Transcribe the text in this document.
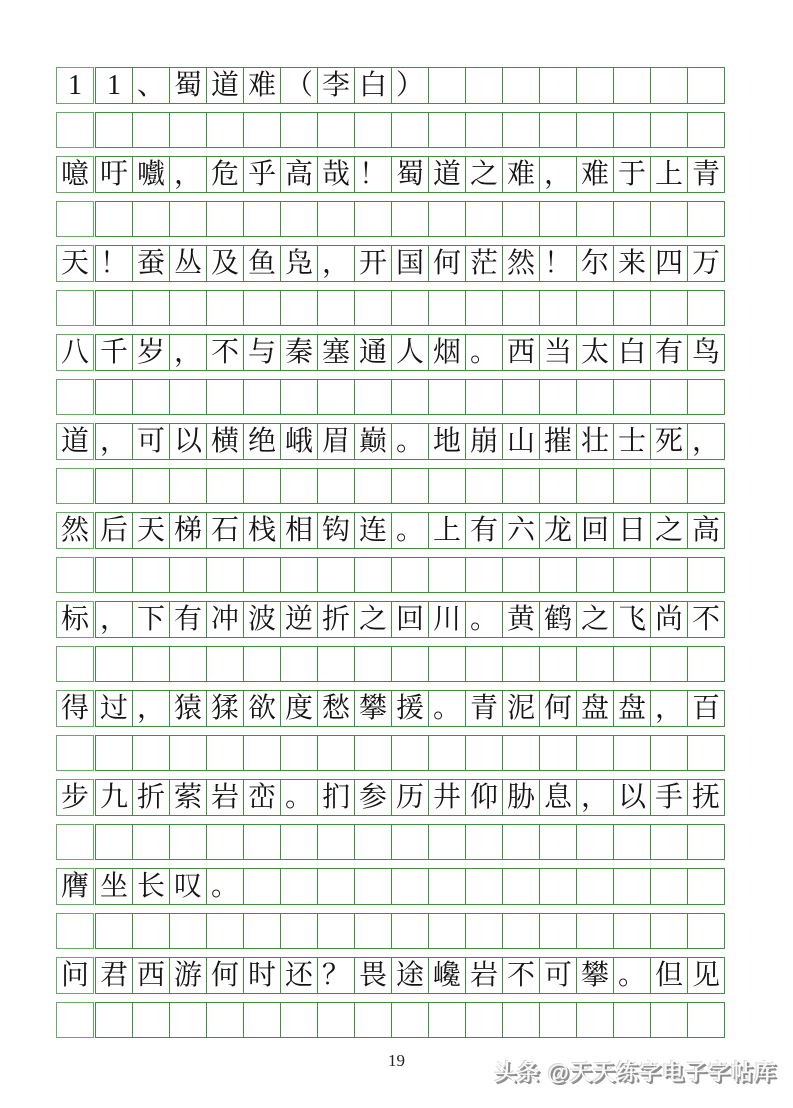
1 1 、 蜀 道 难 （ 李 白 ）
噫 吁 嚱 ， 危 乎 高 哉 ！ 蜀 道 之 难 ， 难 于 上 青
天 ！ 蚕 丛 及 鱼 凫 ， 开 国 何 茫 然 ！ 尔 来 四 万
八 千 岁 ， 不 与 秦 塞 通 人 烟 。 西 当 太 白 有 鸟
道 ， 可 以 横 绝 峨 眉 巅 。 地 崩 山 摧 壮 士 死 ，
然 后 天 梯 石 栈 相 钩 连 。 上 有 六 龙 回 日 之 高
标 ， 下 有 冲 波 逆 折 之 回 川 。 黄 鹤 之 飞 尚 不
得 过 ， 猿 猱 欲 度 愁 攀 援 。 青 泥 何 盘 盘 ， 百
步 九 折 萦 岩 峦 。 扪 参 历 井 仰 胁 息 ， 以 手 抚
膺 坐 长 叹 。
问 君 西 游 何 时 还 ？ 畏 途 巉 岩 不 可 攀 。 但 见
19	头条 @天天练字电子字帖库
